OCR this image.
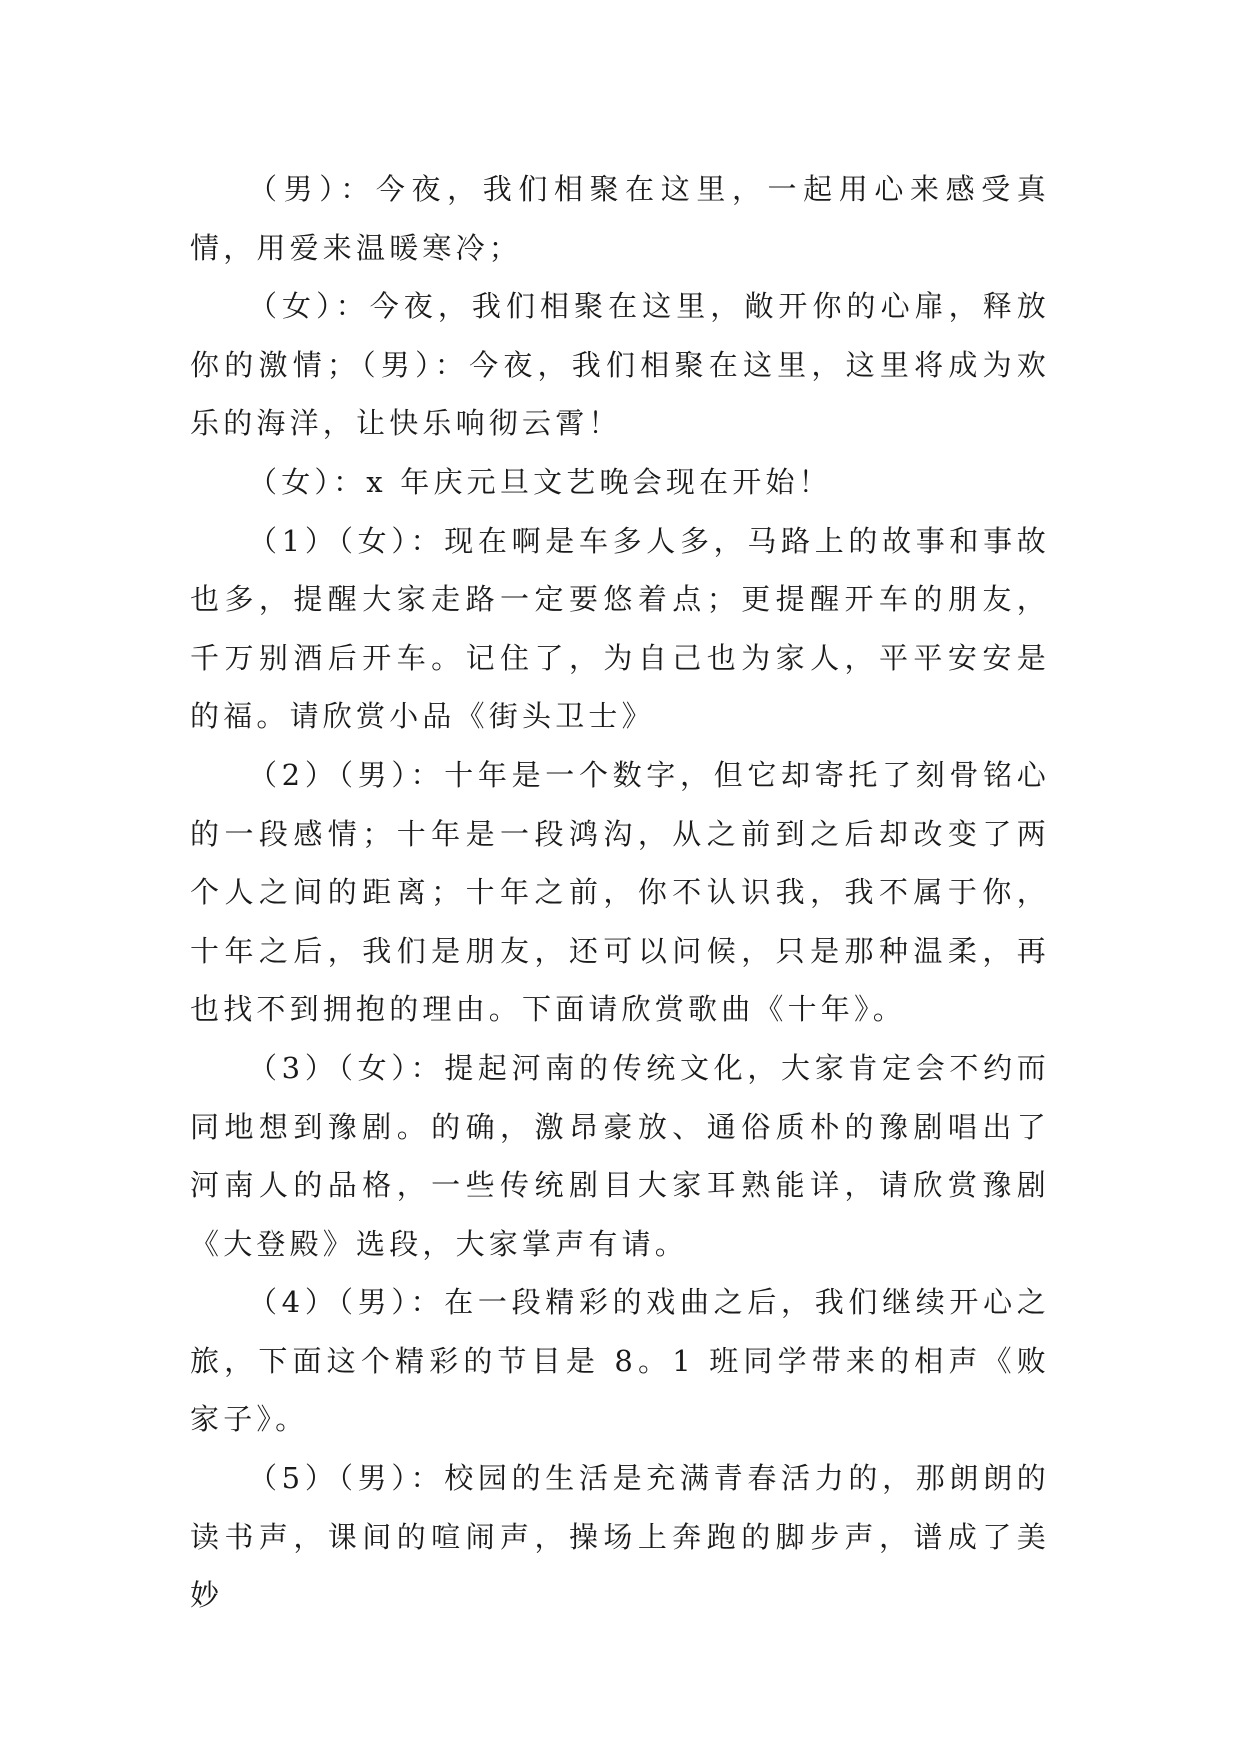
（男）：今夜，我们相聚在这里，一起用心来感受真情，用爱来温暖寒冷；

（女）：今夜，我们相聚在这里，敞开你的心扉，释放你的激情；（男）：今夜，我们相聚在这里，这里将成为欢乐的海洋，让快乐响彻云霄！

（女）：x 年庆元旦文艺晚会现在开始！

（1）（女）：现在啊是车多人多，马路上的故事和事故也多，提醒大家走路一定要悠着点；更提醒开车的朋友，千万别酒后开车。记住了，为自己也为家人，平平安安是的福。请欣赏小品《街头卫士》

（2）（男）：十年是一个数字，但它却寄托了刻骨铭心的一段感情；十年是一段鸿沟，从之前到之后却改变了两个人之间的距离；十年之前，你不认识我，我不属于你，十年之后，我们是朋友，还可以问候，只是那种温柔，再也找不到拥抱的理由。下面请欣赏歌曲《十年》。

（3）（女）：提起河南的传统文化，大家肯定会不约而同地想到豫剧。的确，激昂豪放、通俗质朴的豫剧唱出了河南人的品格，一些传统剧目大家耳熟能详，请欣赏豫剧《大登殿》选段，大家掌声有请。

（4）（男）：在一段精彩的戏曲之后，我们继续开心之旅，下面这个精彩的节目是 8。1 班同学带来的相声《败家子》。

（5）（男）：校园的生活是充满青春活力的，那朗朗的读书声，课间的喧闹声，操场上奔跑的脚步声，谱成了美妙
